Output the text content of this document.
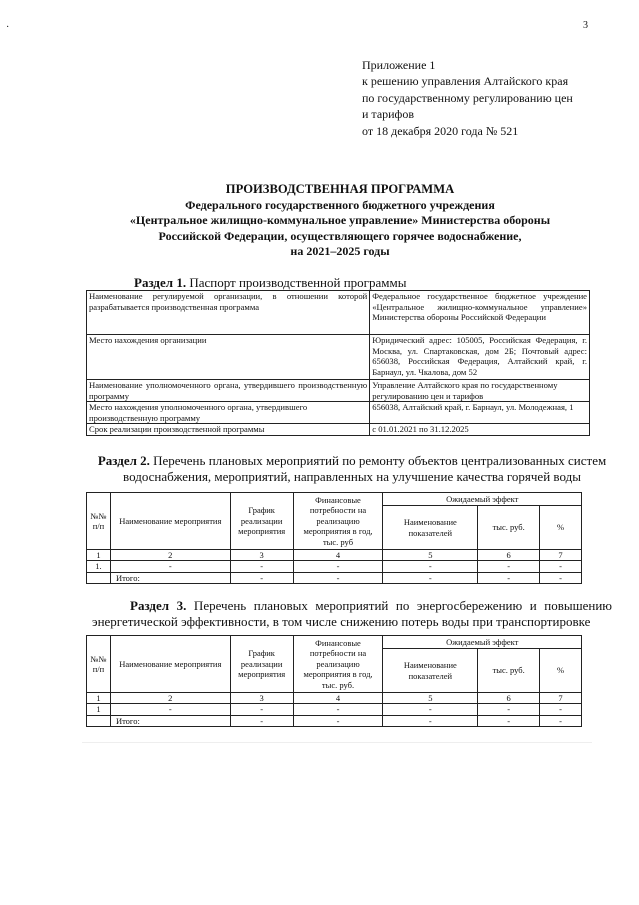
·	3
Приложение 1
к решению управления Алтайского края
по государственному регулированию цен
и тарифов
от 18 декабря 2020 года № 521
ПРОИЗВОДСТВЕННАЯ ПРОГРАММА
Федерального государственного бюджетного учреждения
«Центральное жилищно-коммунальное управление» Министерства обороны
Российской Федерации, осуществляющего горячее водоснабжение,
на 2021–2025 годы
Раздел 1. Паспорт производственной программы
Наименование регулируемой организации, в отношении которой разрабатывается производственная программа	Федеральное государственное бюджетное учреждение «Центральное жилищно-коммунальное управление» Министерства обороны Российской Федерации
Место нахождения организации	Юридический адрес: 105005, Российская Федерация, г. Москва, ул. Спартаковская, дом 2Б; Почтовый адрес: 656038, Российская Федерация, Алтайский край, г. Барнаул, ул. Чкалова, дом 52
Наименование уполномоченного органа, утвердившего производственную программу	Управление Алтайского края по государственному регулированию цен и тарифов
Место нахождения уполномоченного органа, утвердившего производственную программу	656038, Алтайский край, г. Барнаул, ул. Молодежная, 1
Срок реализации производственной программы	с 01.01.2021 по 31.12.2025
Раздел 2. Перечень плановых мероприятий по ремонту объектов централизованных систем водоснабжения, мероприятий, направленных на улучшение качества горячей воды
№№ п/п	Наименование мероприятия	График реализации мероприятия	Финансовые потребности на реализацию мероприятия в год, тыс. руб	Ожидаемый эффект		
				Наименование показателей	тыс. руб.	%
1	2	3	4	5	6	7
1.	-	-	-	-	-	-
	Итого:	-	-	-	-	-
Раздел 3. Перечень плановых мероприятий по энергосбережению и повышению энергетической эффективности, в том числе снижению потерь воды при транспортировке
№№ п/п	Наименование мероприятия	График реализации мероприятия	Финансовые потребности на реализацию мероприятия в год, тыс. руб.	Ожидаемый эффект		
				Наименование показателей	тыс. руб.	%
1	2	3	4	5	6	7
1	-	-	-	-	-	-
	Итого:	-	-	-	-	-
